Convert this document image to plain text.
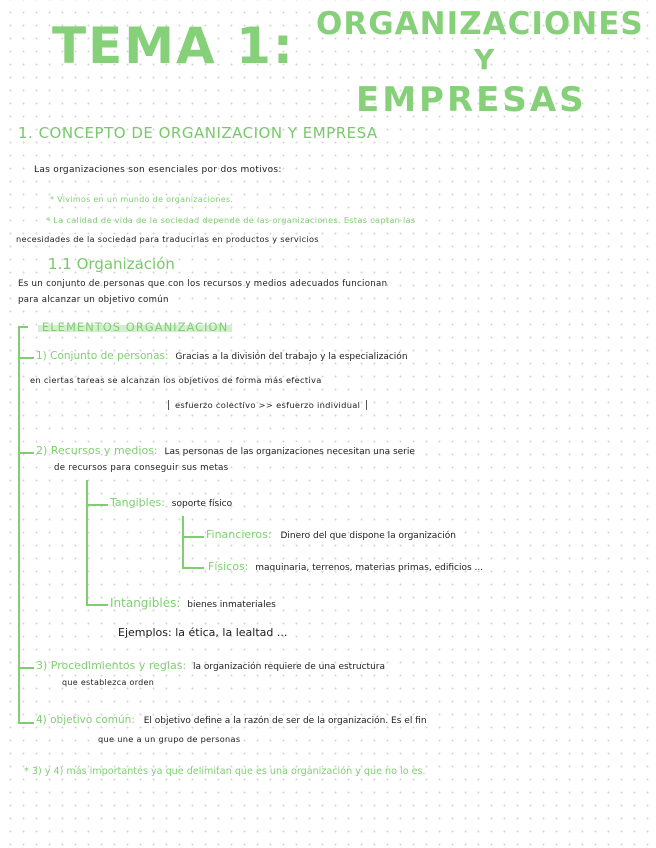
TEMA 1: ORGANIZACIONES
Y
EMPRESAS
1. CONCEPTO DE ORGANIZACION Y EMPRESA
Las organizaciones son esenciales por dos motivos:
* Vivimos en un mundo de organizaciones.
* La calidad de vida de la sociedad depende de las organizaciones. Estas captan las
necesidades de la sociedad para traducirlas en productos y servicios
1.1 Organización
Es un conjunto de personas que con los recursos y medios adecuados funcionan
para alcanzar un objetivo común
ELEMENTOS ORGANIZACION
1) Conjunto de personas: Gracias a la división del trabajo y la especialización
en ciertas tareas se alcanzan los objetivos de forma más efectiva
esfuerzo colectivo >> esfuerzo individual
2) Recursos y medios: Las personas de las organizaciones necesitan una serie
de recursos para conseguir sus metas
Tangibles: soporte físico
Financieros: Dinero del que dispone la organización
Físicos: maquinaria, terrenos, materias primas, edificios ...
Intangibles: bienes inmateriales
Ejemplos: la ética, la lealtad ...
3) Procedimientos y reglas: la organización requiere de una estructura
que establezca orden
4) objetivo común: El objetivo define a la razón de ser de la organización. Es el fin
que une a un grupo de personas
* 3) y 4) más importantes ya que delimitan que es una organización y que no lo es.
